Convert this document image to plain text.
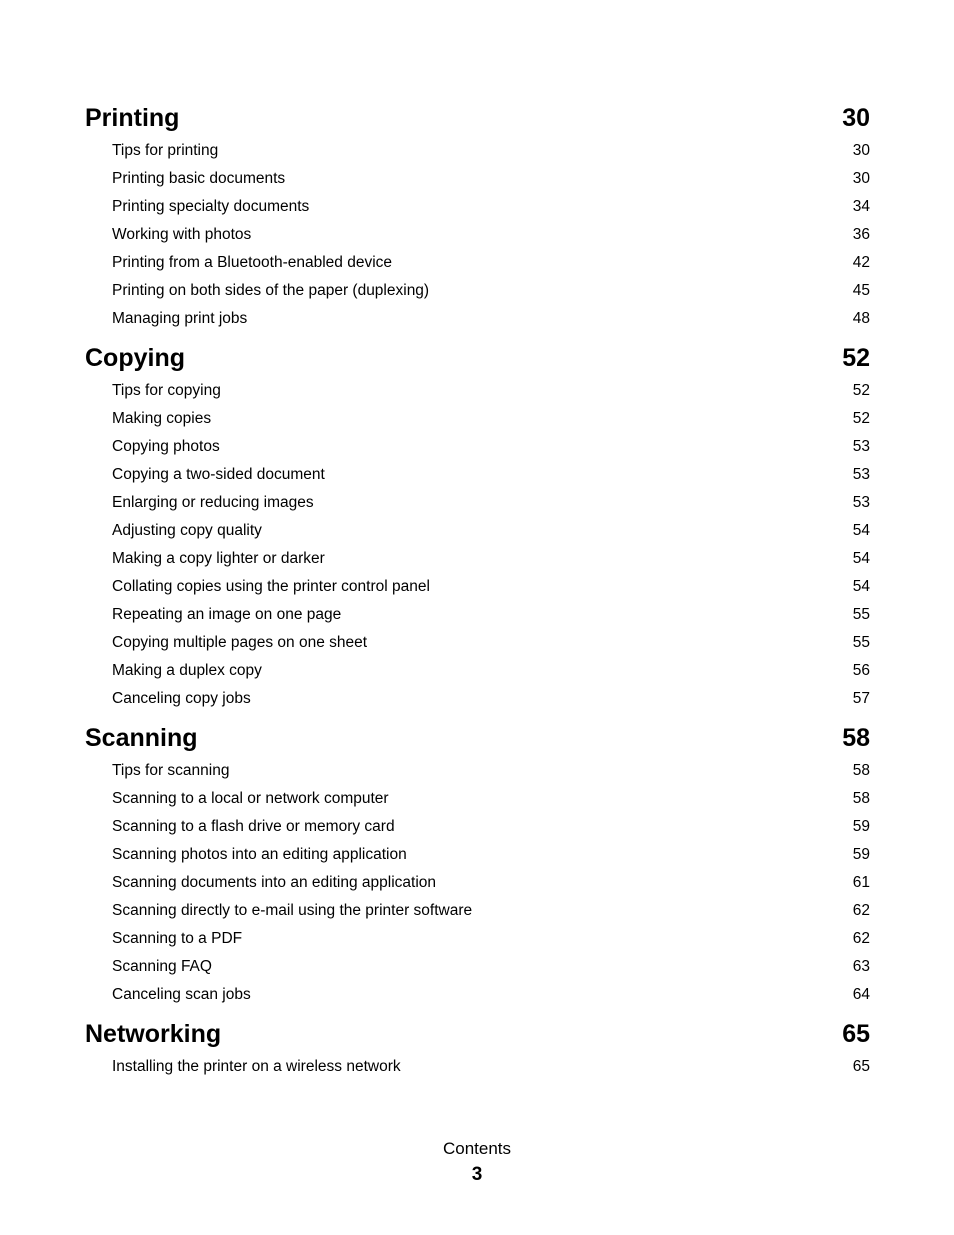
Printing	30
Tips for printing	30
Printing basic documents	30
Printing specialty documents	34
Working with photos	36
Printing from a Bluetooth-enabled device	42
Printing on both sides of the paper (duplexing)	45
Managing print jobs	48
Copying	52
Tips for copying	52
Making copies	52
Copying photos	53
Copying a two-sided document	53
Enlarging or reducing images	53
Adjusting copy quality	54
Making a copy lighter or darker	54
Collating copies using the printer control panel	54
Repeating an image on one page	55
Copying multiple pages on one sheet	55
Making a duplex copy	56
Canceling copy jobs	57
Scanning	58
Tips for scanning	58
Scanning to a local or network computer	58
Scanning to a flash drive or memory card	59
Scanning photos into an editing application	59
Scanning documents into an editing application	61
Scanning directly to e-mail using the printer software	62
Scanning to a PDF	62
Scanning FAQ	63
Canceling scan jobs	64
Networking	65
Installing the printer on a wireless network	65
Contents
3
